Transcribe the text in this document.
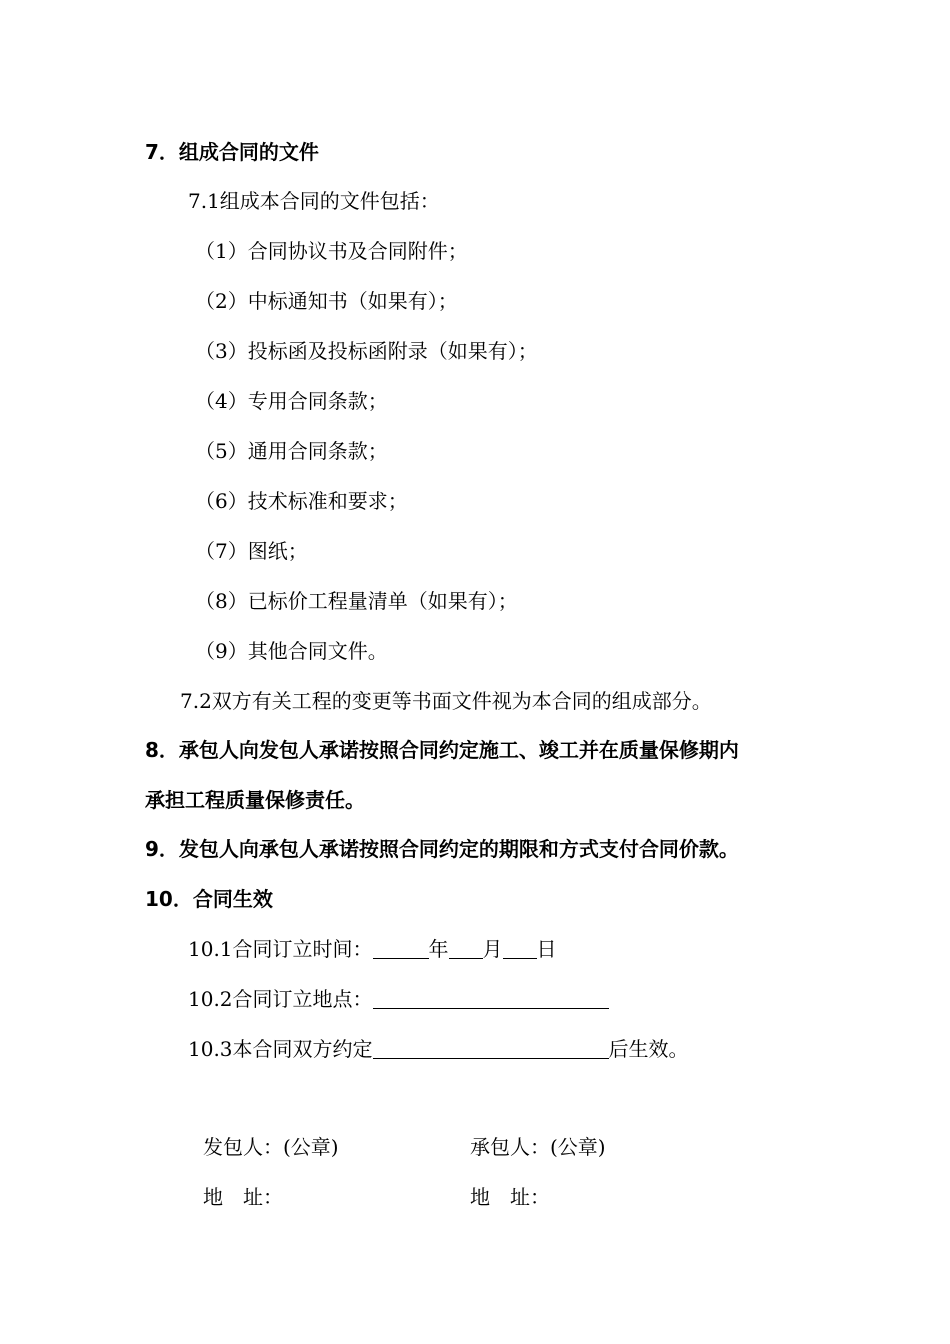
7．组成合同的文件
7.1组成本合同的文件包括：
（1）合同协议书及合同附件；
（2）中标通知书（如果有）；
（3）投标函及投标函附录（如果有）；
（4）专用合同条款；
（5）通用合同条款；
（6）技术标准和要求；
（7）图纸；
（8）已标价工程量清单（如果有）；
（9）其他合同文件。
7.2双方有关工程的变更等书面文件视为本合同的组成部分。
8．承包人向发包人承诺按照合同约定施工、竣工并在质量保修期内
承担工程质量保修责任。
9．发包人向承包人承诺按照合同约定的期限和方式支付合同价款。
10．合同生效
10.1合同订立时间：	年 月 日
10.2合同订立地点：
10.3本合同双方约定	后生效。
发包人：(公章)	承包人：(公章)
地　址：	地　址：
